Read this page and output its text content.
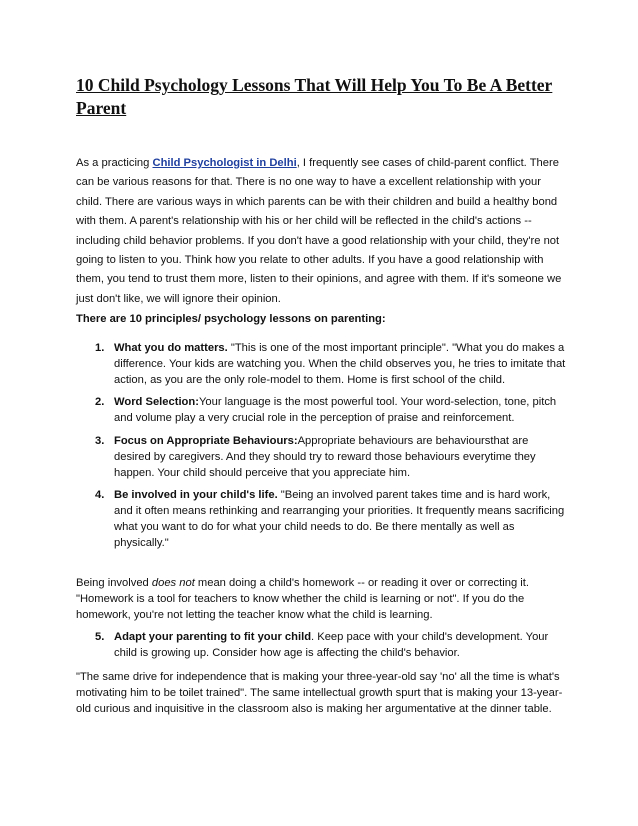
10 Child Psychology Lessons That Will Help You To Be A Better Parent

As a practicing Child Psychologist in Delhi, I frequently see cases of child-parent conflict. There can be various reasons for that. There is no one way to have a excellent relationship with your child. There are various ways in which parents can be with their children and build a healthy bond with them. A parent's relationship with his or her child will be reflected in the child's actions -- including child behavior problems. If you don't have a good relationship with your child, they're not going to listen to you. Think how you relate to other adults. If you have a good relationship with them, you tend to trust them more, listen to their opinions, and agree with them. If it's someone we just don't like, we will ignore their opinion.

There are 10 principles/ psychology lessons on parenting:

1. What you do matters. "This is one of the most important principle". "What you do makes a difference. Your kids are watching you. When the child observes you, he tries to imitate that action, as you are the only role-model to them. Home is first school of the child.
2. Word Selection:Your language is the most powerful tool. Your word-selection, tone, pitch and volume play a very crucial role in the perception of praise and reinforcement.
3. Focus on Appropriate Behaviours:Appropriate behaviours are behavioursthat are desired by caregivers. And they should try to reward those behaviours everytime they happen. Your child should perceive that you appreciate him.
4. Be involved in your child's life. "Being an involved parent takes time and is hard work, and it often means rethinking and rearranging your priorities. It frequently means sacrificing what you want to do for what your child needs to do. Be there mentally as well as physically."

Being involved does not mean doing a child's homework -- or reading it over or correcting it. "Homework is a tool for teachers to know whether the child is learning or not". If you do the homework, you're not letting the teacher know what the child is learning.

5. Adapt your parenting to fit your child. Keep pace with your child's development. Your child is growing up. Consider how age is affecting the child's behavior.

"The same drive for independence that is making your three-year-old say 'no' all the time is what's motivating him to be toilet trained". The same intellectual growth spurt that is making your 13-year-old curious and inquisitive in the classroom also is making her argumentative at the dinner table.
